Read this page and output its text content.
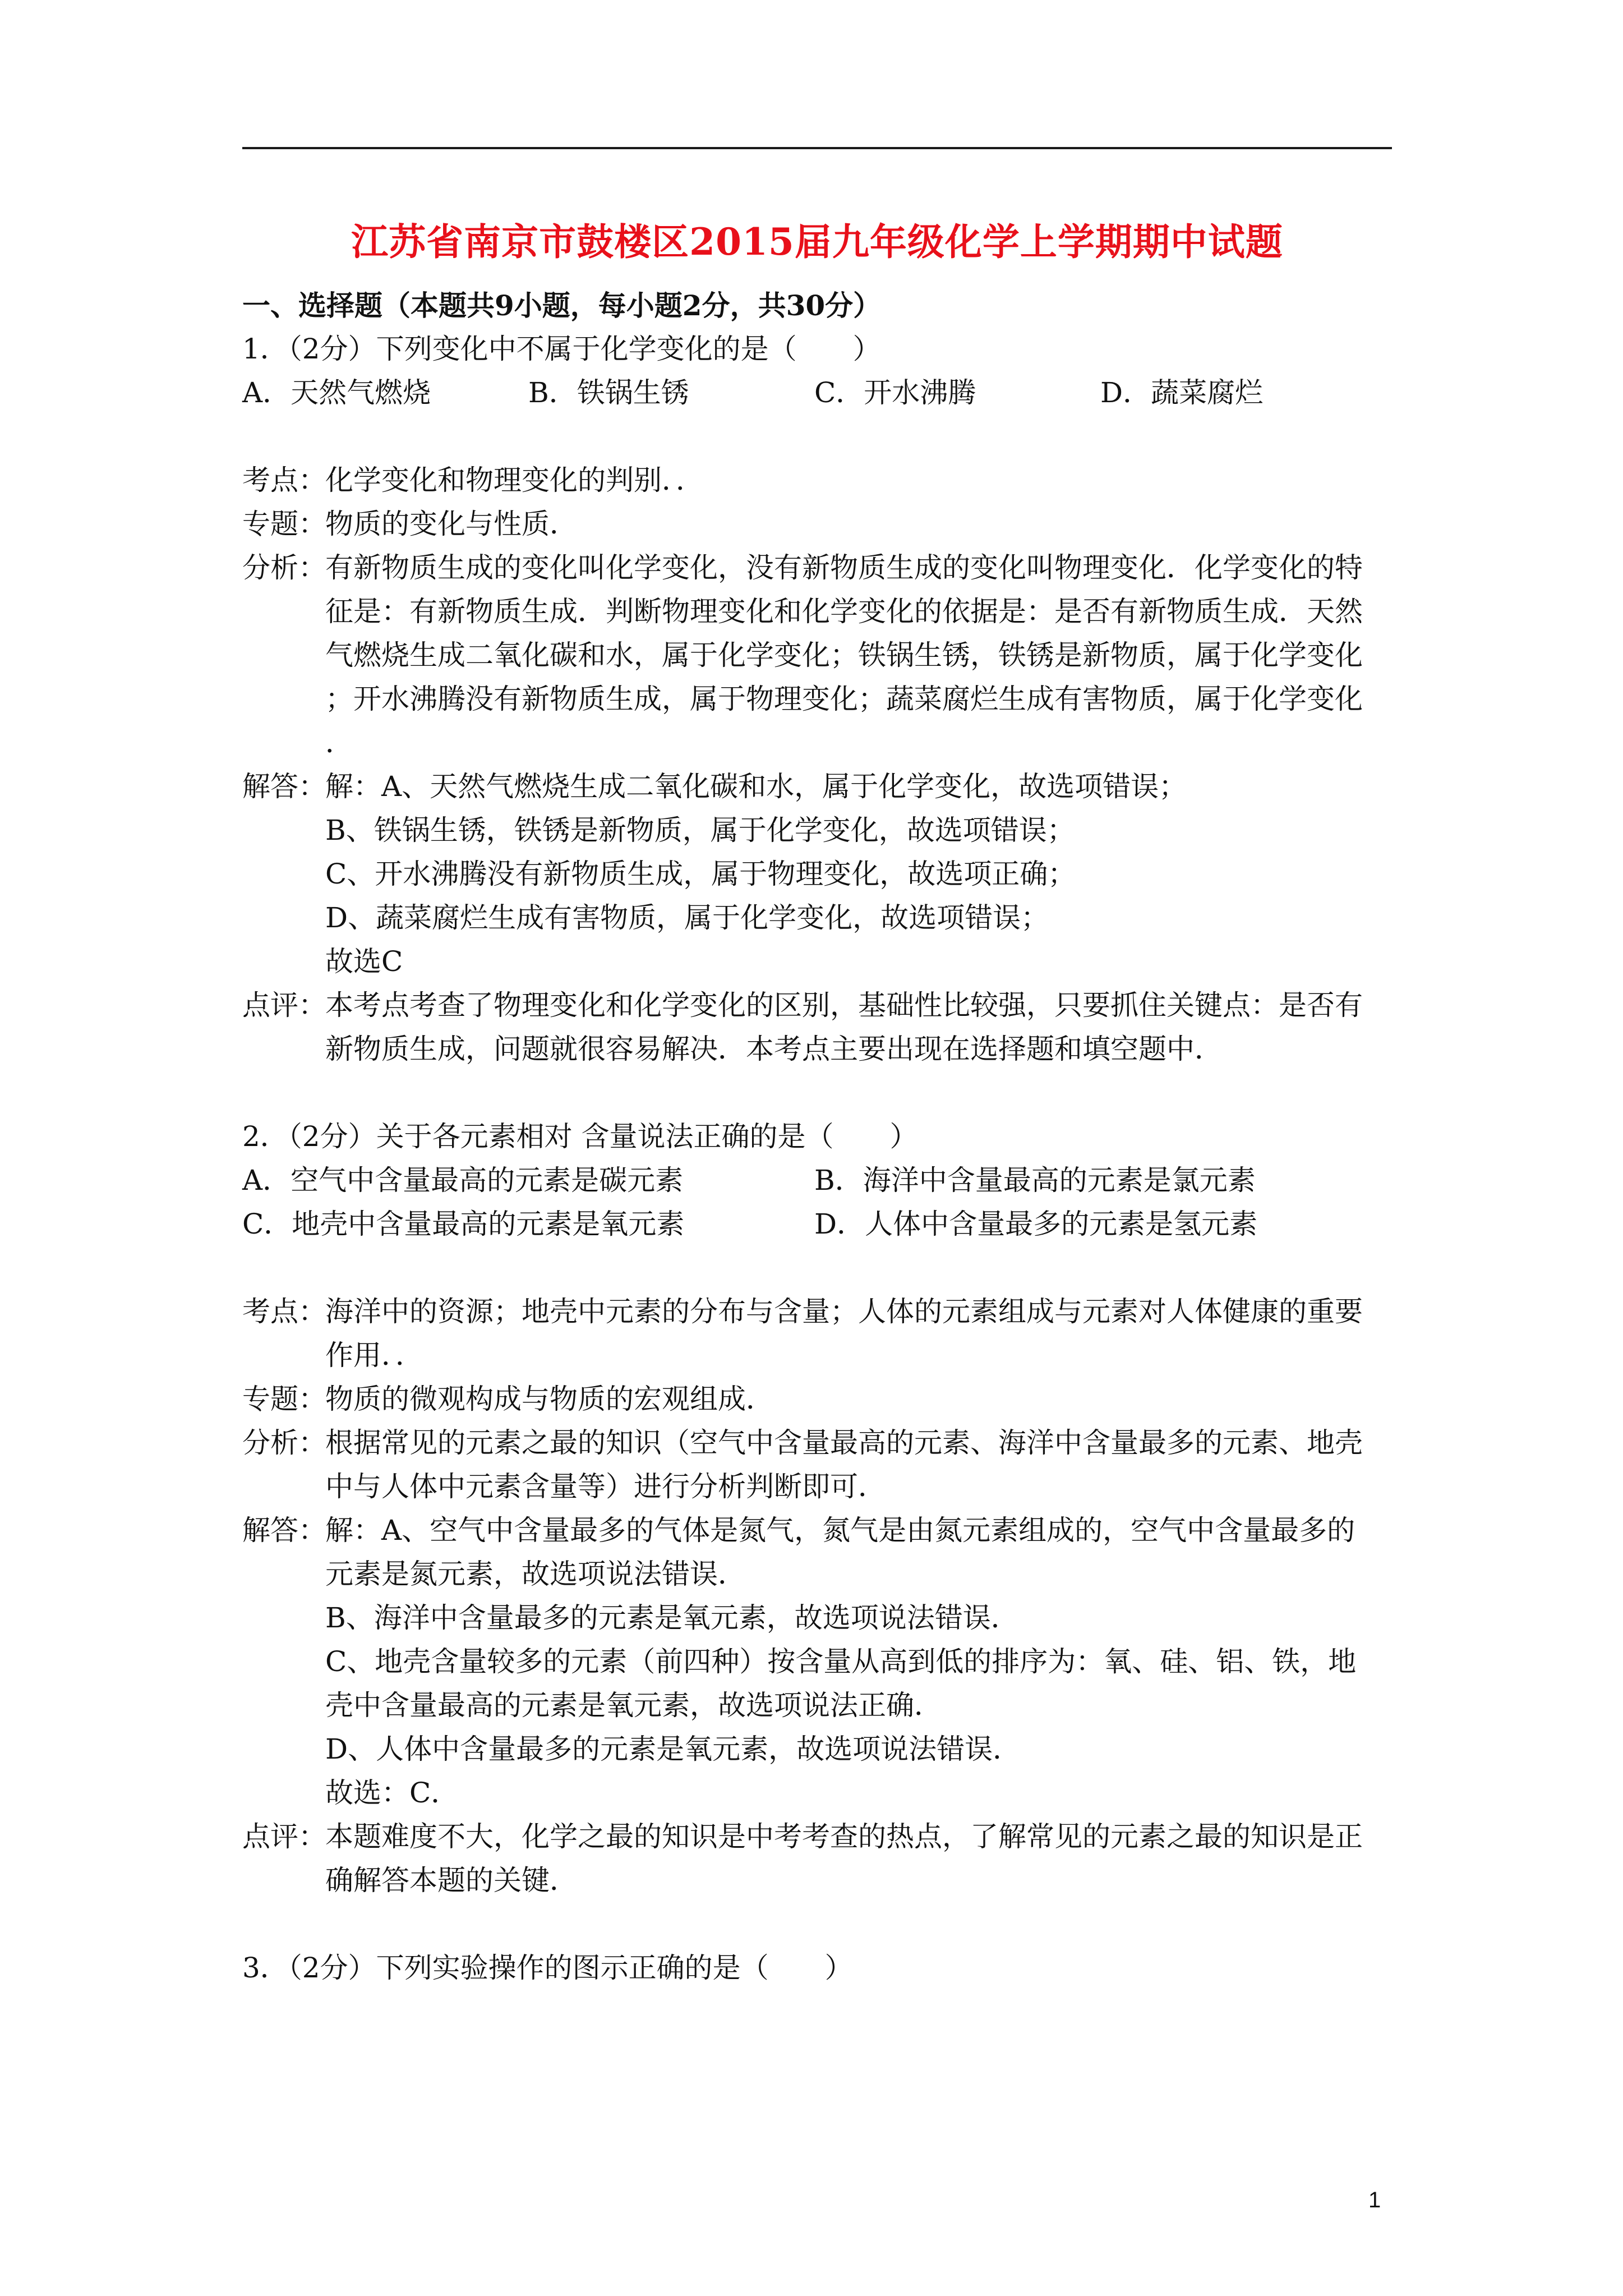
江苏省南京市鼓楼区2015届九年级化学上学期期中试题
一、选择题（本题共9小题，每小题2分，共30分）
1．（2分）下列变化中不属于化学变化的是（　　）
A．天然气燃烧	B．铁锅生锈	C．开水沸腾	D．蔬菜腐烂
考点：
化学变化和物理变化的判别．．
专题：
物质的变化与性质．
分析：
有新物质生成的变化叫化学变化，没有新物质生成的变化叫物理变化．化学变化的特
征是：有新物质生成．判断物理变化和化学变化的依据是：是否有新物质生成．天然
气燃烧生成二氧化碳和水，属于化学变化；铁锅生锈，铁锈是新物质，属于化学变化
；开水沸腾没有新物质生成，属于物理变化；蔬菜腐烂生成有害物质，属于化学变化
．
解答：
解：A、天然气燃烧生成二氧化碳和水，属于化学变化，故选项错误；
B、铁锅生锈，铁锈是新物质，属于化学变化，故选项错误；
C、开水沸腾没有新物质生成，属于物理变化，故选项正确；
D、蔬菜腐烂生成有害物质，属于化学变化，故选项错误；
故选C
点评：
本考点考查了物理变化和化学变化的区别，基础性比较强，只要抓住关键点：是否有
新物质生成，问题就很容易解决．本考点主要出现在选择题和填空题中．
2．（2分）关于各元素相对 含量说法正确的是（　　）
A．空气中含量最高的元素是碳元素	B．海洋中含量最高的元素是氯元素
C．地壳中含量最高的元素是氧元素	D．人体中含量最多的元素是氢元素
考点：
海洋中的资源；地壳中元素的分布与含量；人体的元素组成与元素对人体健康的重要
作用．．
专题：
物质的微观构成与物质的宏观组成．
分析：
根据常见的元素之最的知识（空气中含量最高的元素、海洋中含量最多的元素、地壳
中与人体中元素含量等）进行分析判断即可．
解答：
解：A、空气中含量最多的气体是氮气，氮气是由氮元素组成的，空气中含量最多的
元素是氮元素，故选项说法错误．
B、海洋中含量最多的元素是氧元素，故选项说法错误．
C、地壳含量较多的元素（前四种）按含量从高到低的排序为：氧、硅、铝、铁，地
壳中含量最高的元素是氧元素，故选项说法正确．
D、人体中含量最多的元素是氧元素，故选项说法错误．
故选：C．
点评：
本题难度不大，化学之最的知识是中考考查的热点，了解常见的元素之最的知识是正
确解答本题的关键．
3．（2分）下列实验操作的图示正确的是（　　）
1
